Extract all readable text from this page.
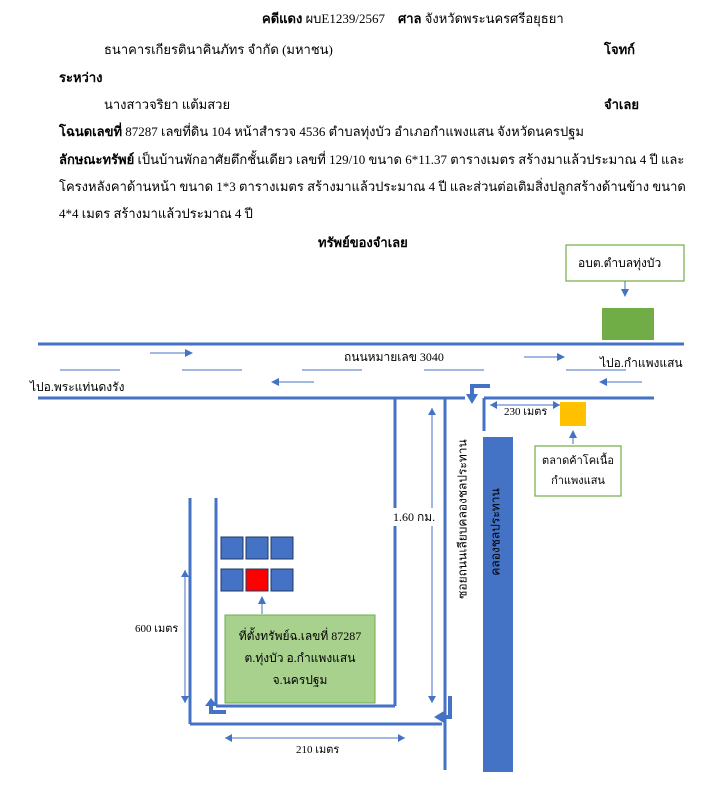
คดีแดง ผบE1239/2567 ศาล จังหวัดพระนครศรีอยุธยา
ธนาคารเกียรตินาคินภัทร จำกัด (มหาชน)	โจทก์
ระหว่าง
นางสาวจริยา แต้มสวย	จำเลย
โฉนดเลขที่ 87287 เลขที่ดิน 104 หน้าสำรวจ 4536 ตำบลทุ่งบัว อำเภอกำแพงแสน จังหวัดนครปฐม
ลักษณะทรัพย์ เป็นบ้านพักอาศัยตึกชั้นเดียว เลขที่ 129/10 ขนาด 6*11.37 ตารางเมตร สร้างมาแล้วประมาณ 4 ปี และ
โครงหลังคาด้านหน้า ขนาด 1*3 ตารางเมตร สร้างมาแล้วประมาณ 4 ปี และส่วนต่อเติมสิ่งปลูกสร้างด้านข้าง ขนาด
4*4 เมตร สร้างมาแล้วประมาณ 4 ปี
ทรัพย์ของจำเลย
อบต.ตำบลทุ่งบัว
ถนนหมายเลข 3040	ไปอ.กำแพงแสน
ไปอ.พระแท่นดงรัง
230 เมตร
ตลาดค้าโคเนื้อ
กำแพงแสน
1.60 กม. ซอยถนนเลียบคลองชลประทาน คลองชลประทาน
600 เมตร
210 เมตร
ที่ตั้งทรัพย์ฉ.เลขที่ 87287
ต.ทุ่งบัว อ.กำแพงแสน
จ.นครปฐม
